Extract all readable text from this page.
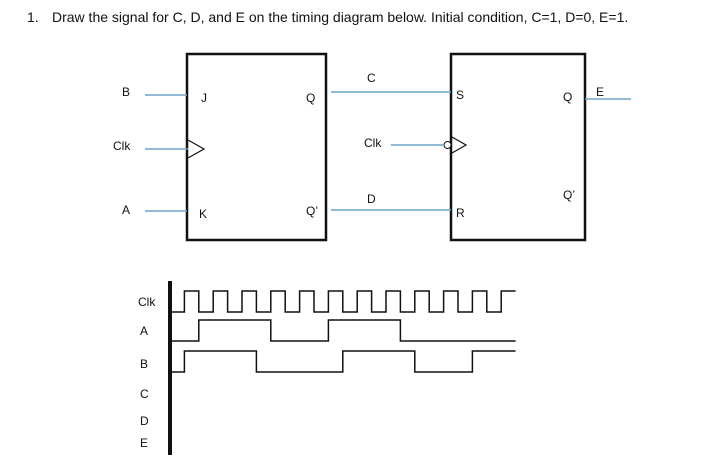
1. Draw the signal for C, D, and E on the timing diagram below. Initial condition, C=1, D=0, E=1.
J
K
Q
Q’
S
R
Q
Q’
B
Clk
A
C
Clk
D
E
Clk
A
B
C
D
E
